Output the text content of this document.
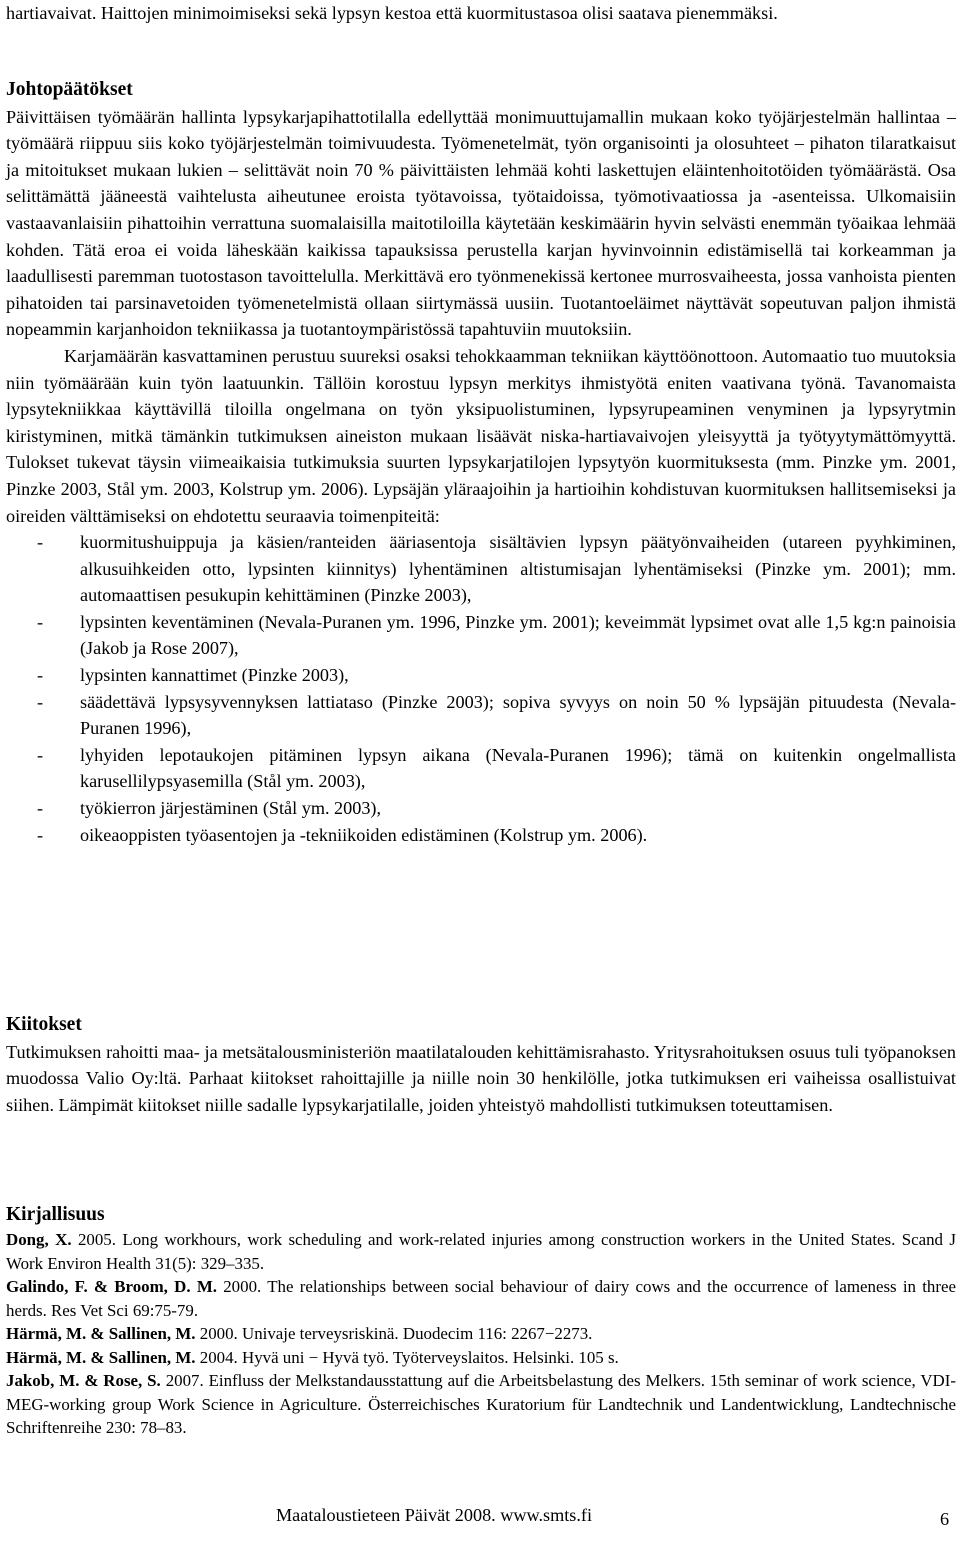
hartiavaivat. Haittojen minimoimiseksi sekä lypsyn kestoa että kuormitustasoa olisi saatava pienemmäksi.

Johtopäätökset

Päivittäisen työmäärän hallinta lypsykarjapihattotilalla edellyttää monimuuttujamallin mukaan koko työjärjestelmän hallintaa – työmäärä riippuu siis koko työjärjestelmän toimivuudesta. Työmenetelmät, työn organisointi ja olosuhteet – pihaton tilaratkaisut ja mitoitukset mukaan lukien – selittävät noin 70 % päivittäisten lehmää kohti laskettujen eläintenhoitotöiden työmäärästä. Osa selittämättä jääneestä vaihtelusta aiheutunee eroista työtavoissa, työtaidoissa, työmotivaatiossa ja -asenteissa. Ulkomaisiin vastaavanlaisiin pihattoihin verrattuna suomalaisilla maitotiloilla käytetään keskimäärin hyvin selvästi enemmän työaikaa lehmää kohden. Tätä eroa ei voida läheskään kaikissa tapauksissa perustella karjan hyvinvoinnin edistämisellä tai korkeamman ja laadullisesti paremman tuotostason tavoittelulla. Merkittävä ero työnmenekissä kertonee murrosvaiheesta, jossa vanhoista pienten pihatoiden tai parsinavetoiden työmenetelmistä ollaan siirtymässä uusiin. Tuotantoeläimet näyttävät sopeutuvan paljon ihmistä nopeammin karjanhoidon tekniikassa ja tuotantoympäristössä tapahtuviin muutoksiin.

Karjamäärän kasvattaminen perustuu suureksi osaksi tehokkaamman tekniikan käyttöönottoon. Automaatio tuo muutoksia niin työmäärään kuin työn laatuunkin. Tällöin korostuu lypsyn merkitys ihmistyötä eniten vaativana työnä. Tavanomaista lypsytekniikkaa käyttävillä tiloilla ongelmana on työn yksipuolistuminen, lypsyrupeaminen venyminen ja lypsyrytmin kiristyminen, mitkä tämänkin tutkimuksen aineiston mukaan lisäävät niska-hartiavaivojen yleisyyttä ja työtyytymättömyyttä. Tulokset tukevat täysin viimeaikaisia tutkimuksia suurten lypsykarjatilojen lypsytyön kuormituksesta (mm. Pinzke ym. 2001, Pinzke 2003, Stål ym. 2003, Kolstrup ym. 2006). Lypsäjän yläraajoihin ja hartioihin kohdistuvan kuormituksen hallitsemiseksi ja oireiden välttämiseksi on ehdotettu seuraavia toimenpiteitä:

- kuormitushuippuja ja käsien/ranteiden ääriasentoja sisältävien lypsyn päätyönvaiheiden (utareen pyyhkiminen, alkusuihkeiden otto, lypsinten kiinnitys) lyhentäminen altistumisajan lyhentämiseksi (Pinzke ym. 2001); mm. automaattisen pesukupin kehittäminen (Pinzke 2003),
- lypsinten keventäminen (Nevala-Puranen ym. 1996, Pinzke ym. 2001); keveimmät lypsimet ovat alle 1,5 kg:n painoisia (Jakob ja Rose 2007),
- lypsinten kannattimet (Pinzke 2003),
- säädettävä lypsysyvennyksen lattiataso (Pinzke 2003); sopiva syvyys on noin 50 % lypsäjän pituudesta (Nevala-Puranen 1996),
- lyhyiden lepotaukojen pitäminen lypsyn aikana (Nevala-Puranen 1996); tämä on kuitenkin ongelmallista karusellilypsyasemilla (Stål ym. 2003),
- työkierron järjestäminen (Stål ym. 2003),
- oikeaoppisten työasentojen ja -tekniikoiden edistäminen (Kolstrup ym. 2006).

Kiitokset

Tutkimuksen rahoitti maa- ja metsätalousministeriön maatilatalouden kehittämisrahasto. Yritysrahoituksen osuus tuli työpanoksen muodossa Valio Oy:ltä. Parhaat kiitokset rahoittajille ja niille noin 30 henkilölle, jotka tutkimuksen eri vaiheissa osallistuivat siihen. Lämpimät kiitokset niille sadalle lypsykarjatilalle, joiden yhteistyö mahdollisti tutkimuksen toteuttamisen.

Kirjallisuus

Dong, X. 2005. Long workhours, work scheduling and work-related injuries among construction workers in the United States. Scand J Work Environ Health 31(5): 329–335.

Galindo, F. & Broom, D. M. 2000. The relationships between social behaviour of dairy cows and the occurrence of lameness in three herds. Res Vet Sci 69:75-79.

Härmä, M. & Sallinen, M. 2000. Univaje terveysriskinä. Duodecim 116: 2267−2273.

Härmä, M. & Sallinen, M. 2004. Hyvä uni − Hyvä työ. Työterveyslaitos. Helsinki. 105 s.

Jakob, M. & Rose, S. 2007. Einfluss der Melkstandausstattung auf die Arbeitsbelastung des Melkers. 15th seminar of work science, VDI-MEG-working group Work Science in Agriculture. Österreichisches Kuratorium für Landtechnik und Landentwicklung, Landtechnische Schriftenreihe 230: 78–83.

Maataloustieteen Päivät 2008. www.smts.fi	6
